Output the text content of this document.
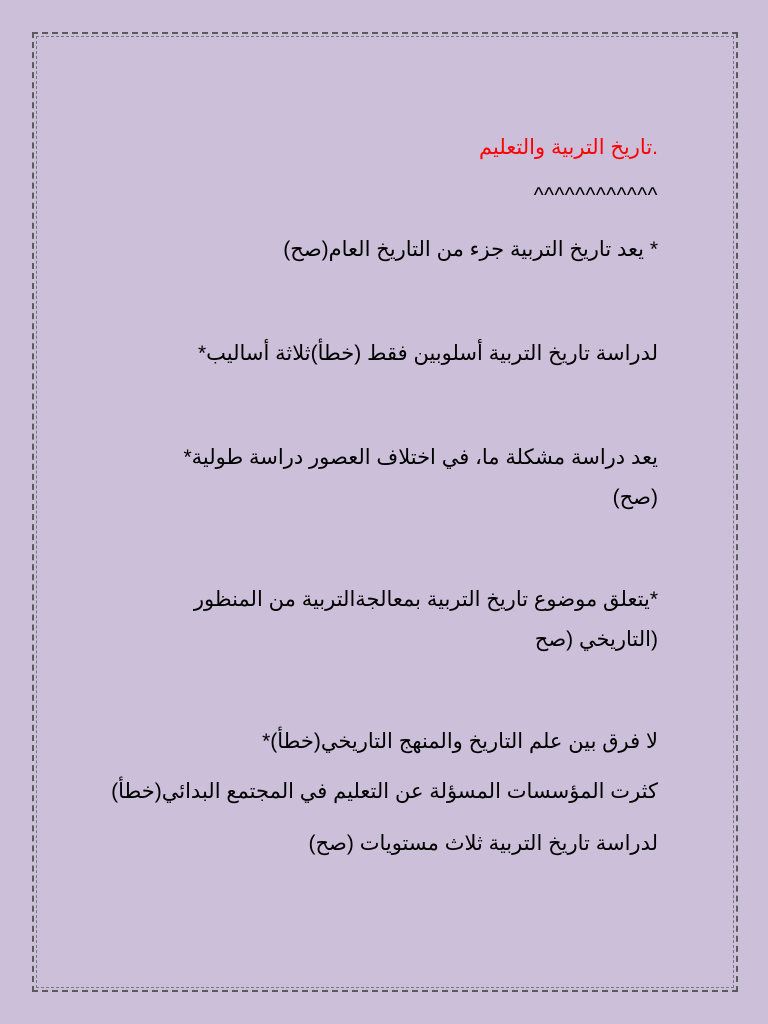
.تاريخ التربية والتعليم
^^^^^^^^^^^^
* يعد تاريخ التربية جزء من التاريخ العام(صح)
لدراسة تاريخ التربية أسلوبين فقط (خطأ)ثلاثة أساليب*
يعد دراسة مشكلة ما، في اختلاف العصور دراسة طولية*
(صح)
*يتعلق موضوع تاريخ التربية بمعالجةالتربية من المنظور
(التاريخي (صح
لا فرق بين علم التاريخ والمنهج التاريخي(خطأ)*
كثرت المؤسسات المسؤلة عن التعليم في المجتمع البدائي(خطأ)
لدراسة تاريخ التربية ثلاث مستويات (صح)
